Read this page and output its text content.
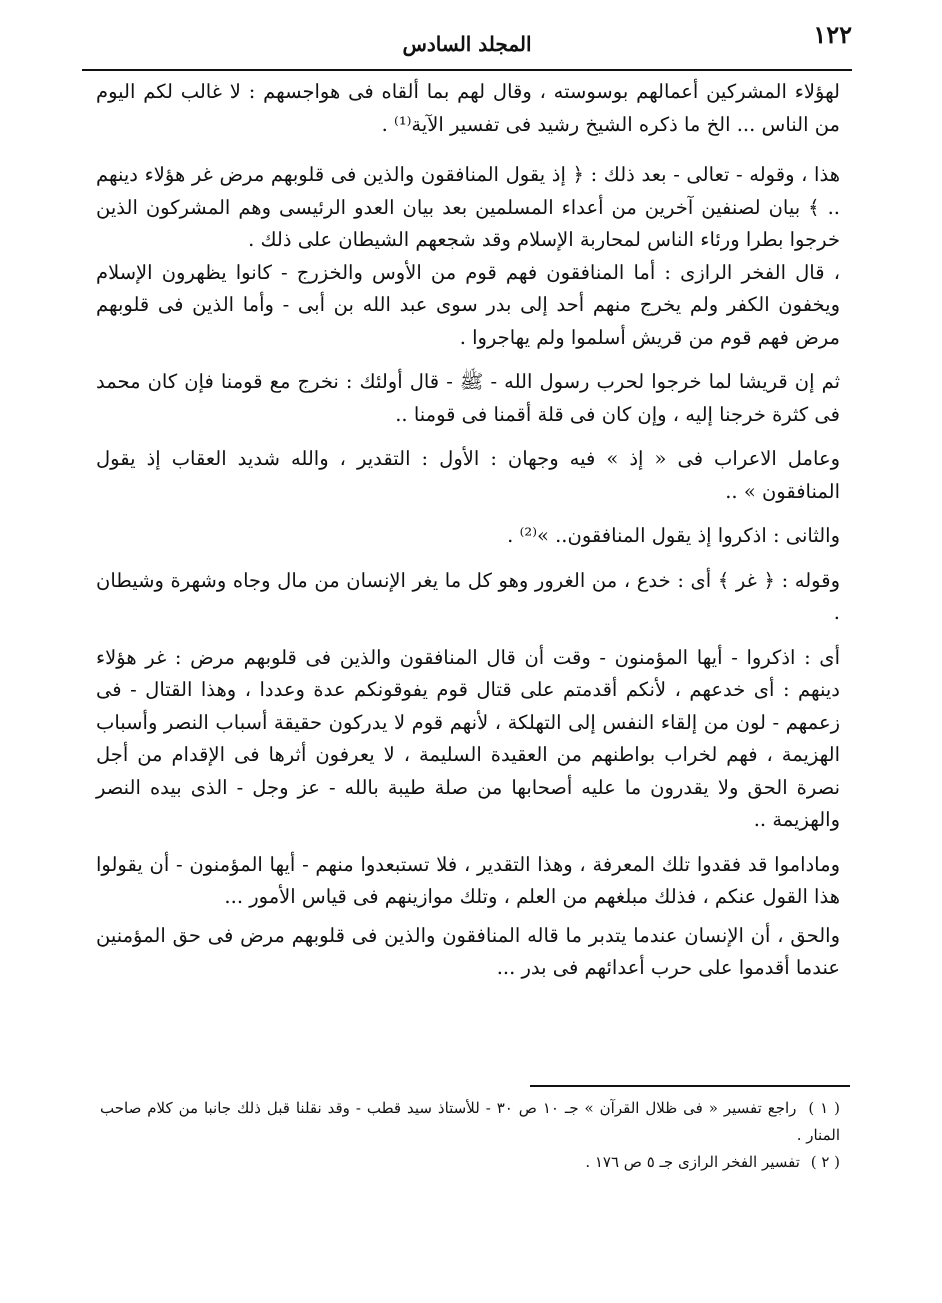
١٢٢
المجلد السادس

لهؤلاء المشركين أعمالهم بوسوسته ، وقال لهم بما ألقاه فى هواجسهم : لا غالب لكم اليوم من الناس ... الخ ما ذكره الشيخ رشيد فى تفسير الآية⁽¹⁾ .

هذا ، وقوله - تعالى - بعد ذلك : ﴿ إذ يقول المنافقون والذين فى قلوبهم مرض غر هؤلاء دينهم .. ﴾ بيان لصنفين آخرين من أعداء المسلمين بعد بيان العدو الرئيسى وهم المشركون الذين خرجوا بطرا ورئاء الناس لمحاربة الإسلام وقد شجعهم الشيطان على ذلك .

، قال الفخر الرازى : أما المنافقون فهم قوم من الأوس والخزرج - كانوا يظهرون الإسلام ويخفون الكفر ولم يخرج منهم أحد إلى بدر سوى عبد الله بن أبى - وأما الذين فى قلوبهم مرض فهم قوم من قريش أسلموا ولم يهاجروا .

ثم إن قريشا لما خرجوا لحرب رسول الله - ﷺ - قال أولئك : نخرج مع قومنا فإن كان محمد فى كثرة خرجنا إليه ، وإن كان فى قلة أقمنا فى قومنا ..

وعامل الاعراب فى « إذ » فيه وجهان : الأول : التقدير ، والله شديد العقاب إذ يقول المنافقون » ..

والثانى : اذكروا إذ يقول المنافقون.. »⁽²⁾ .

وقوله : ﴿ غر ﴾ أى : خدع ، من الغرور وهو كل ما يغر الإنسان من مال وجاه وشهرة وشيطان .

أى : اذكروا - أيها المؤمنون - وقت أن قال المنافقون والذين فى قلوبهم مرض : غر هؤلاء دينهم : أى خدعهم ، لأنكم أقدمتم على قتال قوم يفوقونكم عدة وعددا ، وهذا القتال - فى زعمهم - لون من إلقاء النفس إلى التهلكة ، لأنهم قوم لا يدركون حقيقة أسباب النصر وأسباب الهزيمة ، فهم لخراب بواطنهم من العقيدة السليمة ، لا يعرفون أثرها فى الإقدام من أجل نصرة الحق ولا يقدرون ما عليه أصحابها من صلة طيبة بالله - عز وجل - الذى بيده النصر والهزيمة ..

وماداموا قد فقدوا تلك المعرفة ، وهذا التقدير ، فلا تستبعدوا منهم - أيها المؤمنون - أن يقولوا هذا القول عنكم ، فذلك مبلغهم من العلم ، وتلك موازينهم فى قياس الأمور ...

والحق ، أن الإنسان عندما يتدبر ما قاله المنافقون والذين فى قلوبهم مرض فى حق المؤمنين عندما أقدموا على حرب أعدائهم فى بدر ...

( ١ ) راجع تفسير « فى ظلال القرآن » جـ ١٠ ص ٣٠ - للأستاذ سيد قطب - وقد نقلنا قبل ذلك جانبا من كلام صاحب المنار .

( ٢ ) تفسير الفخر الرازى جـ ٥ ص ١٧٦ .
